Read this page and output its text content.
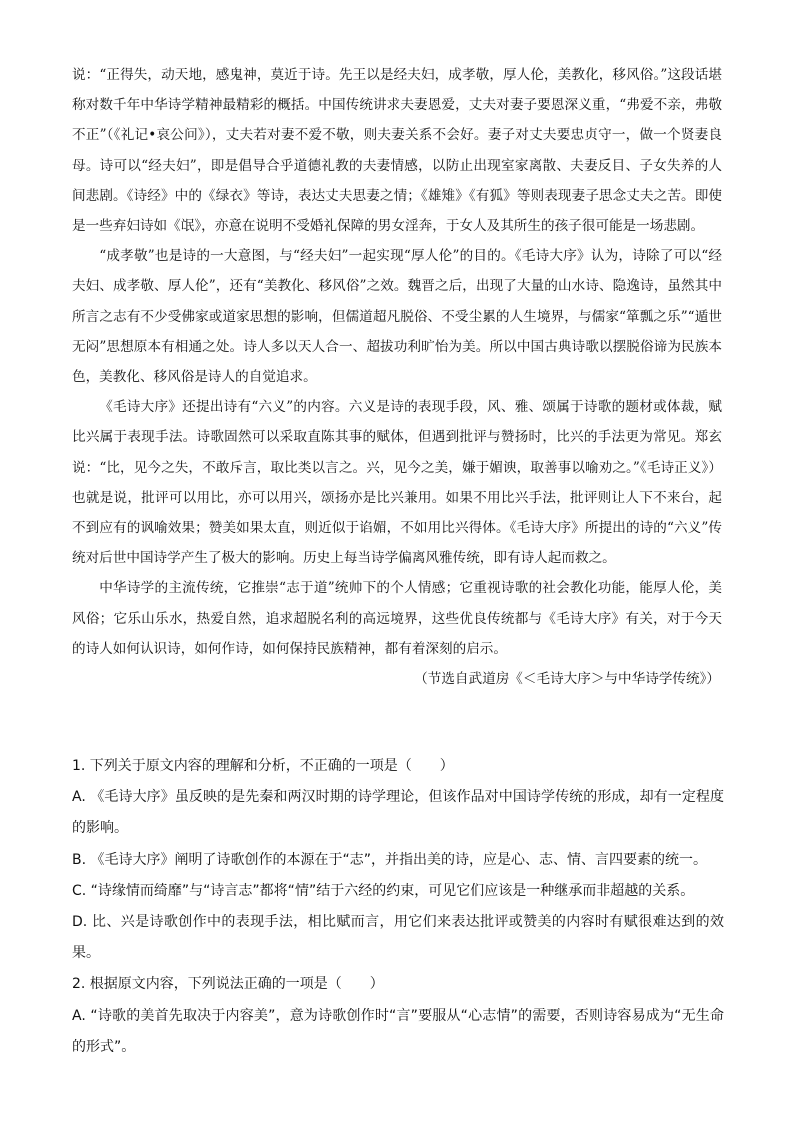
说：“正得失，动天地，感鬼神，莫近于诗。先王以是经夫妇，成孝敬，厚人伦，美教化，移风俗。”这段话堪称对数千年中华诗学精神最精彩的概括。中国传统讲求夫妻恩爱，丈夫对妻子要恩深义重，“弗爱不亲，弗敬不正”（《礼记•哀公问》），丈夫若对妻不爱不敬，则夫妻关系不会好。妻子对丈夫要忠贞守一，做一个贤妻良母。诗可以“经夫妇”，即是倡导合乎道德礼教的夫妻情感，以防止出现室家离散、夫妻反目、子女失养的人间悲剧。《诗经》中的《绿衣》等诗，表达丈夫思妻之情；《雄雉》《有狐》等则表现妻子思念丈夫之苦。即使是一些弃妇诗如《氓》，亦意在说明不受婚礼保障的男女淫奔，于女人及其所生的孩子很可能是一场悲剧。

“成孝敬”也是诗的一大意图，与“经夫妇”一起实现“厚人伦”的目的。《毛诗大序》认为，诗除了可以“经夫妇、成孝敬、厚人伦”，还有“美教化、移风俗”之效。魏晋之后，出现了大量的山水诗、隐逸诗，虽然其中所言之志有不少受佛家或道家思想的影响，但儒道超凡脱俗、不受尘累的人生境界，与儒家“箪瓢之乐”“遁世无闷”思想原本有相通之处。诗人多以天人合一、超拔功利旷怡为美。所以中国古典诗歌以摆脱俗谛为民族本色，美教化、移风俗是诗人的自觉追求。

《毛诗大序》还提出诗有“六义”的内容。六义是诗的表现手段，风、雅、颂属于诗歌的题材或体裁，赋比兴属于表现手法。诗歌固然可以采取直陈其事的赋体，但遇到批评与赞扬时，比兴的手法更为常见。郑玄说：“比，见今之失，不敢斥言，取比类以言之。兴，见今之美，嫌于媚谀，取善事以喻劝之。”《毛诗正义》）也就是说，批评可以用比，亦可以用兴，颂扬亦是比兴兼用。如果不用比兴手法，批评则让人下不来台，起不到应有的讽喻效果；赞美如果太直，则近似于谄媚，不如用比兴得体。《毛诗大序》所提出的诗的“六义”传统对后世中国诗学产生了极大的影响。历史上每当诗学偏离风雅传统，即有诗人起而救之。

中华诗学的主流传统，它推崇“志于道”统帅下的个人情感；它重视诗歌的社会教化功能，能厚人伦，美风俗；它乐山乐水，热爱自然，追求超脱名利的高远境界，这些优良传统都与《毛诗大序》有关，对于今天的诗人如何认识诗，如何作诗，如何保持民族精神，都有着深刻的启示。

（节选自武道房《＜毛诗大序＞与中华诗学传统》）

1. 下列关于原文内容的理解和分析，不正确的一项是（　　）

A. 《毛诗大序》虽反映的是先秦和两汉时期的诗学理论，但该作品对中国诗学传统的形成，却有一定程度的影响。

B. 《毛诗大序》阐明了诗歌创作的本源在于“志”，并指出美的诗，应是心、志、情、言四要素的统一。

C. “诗缘情而绮靡”与“诗言志”都将“情”结于六经的约束，可见它们应该是一种继承而非超越的关系。

D. 比、兴是诗歌创作中的表现手法，相比赋而言，用它们来表达批评或赞美的内容时有赋很难达到的效果。

2. 根据原文内容，下列说法正确的一项是（　　）

A. “诗歌的美首先取决于内容美”，意为诗歌创作时“言”要服从“心志情”的需要，否则诗容易成为“无生命的形式”。
